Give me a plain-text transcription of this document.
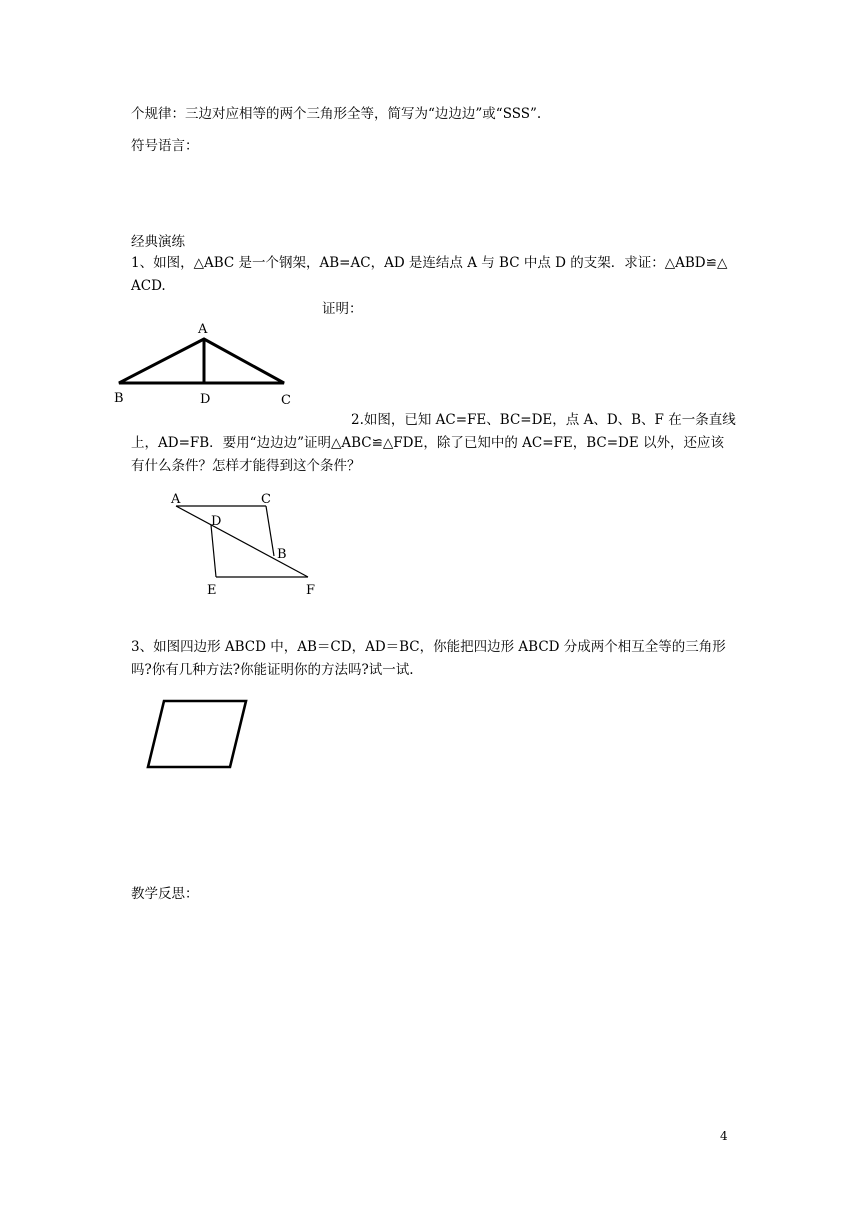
个规律：三边对应相等的两个三角形全等，简写为“边边边”或“SSS”.
符号语言：
经典演练
1、如图，△ABC 是一个钢架，AB=AC，AD 是连结点 A 与 BC 中点 D 的支架．求证：△ABD≌△
ACD.
证明：
A
B	D	C
2.如图，已知 AC=FE、BC=DE，点 A、D、B、F 在一条直线
上，AD=FB．要用“边边边”证明△ABC≌△FDE，除了已知中的 AC=FE，BC=DE 以外，还应该
有什么条件？怎样才能得到这个条件？
A	C
D
B
E	F
3、如图四边形 ABCD 中，AB＝CD，AD＝BC，你能把四边形 ABCD 分成两个相互全等的三角形
吗?你有几种方法?你能证明你的方法吗?试一试.
教学反思：
4
